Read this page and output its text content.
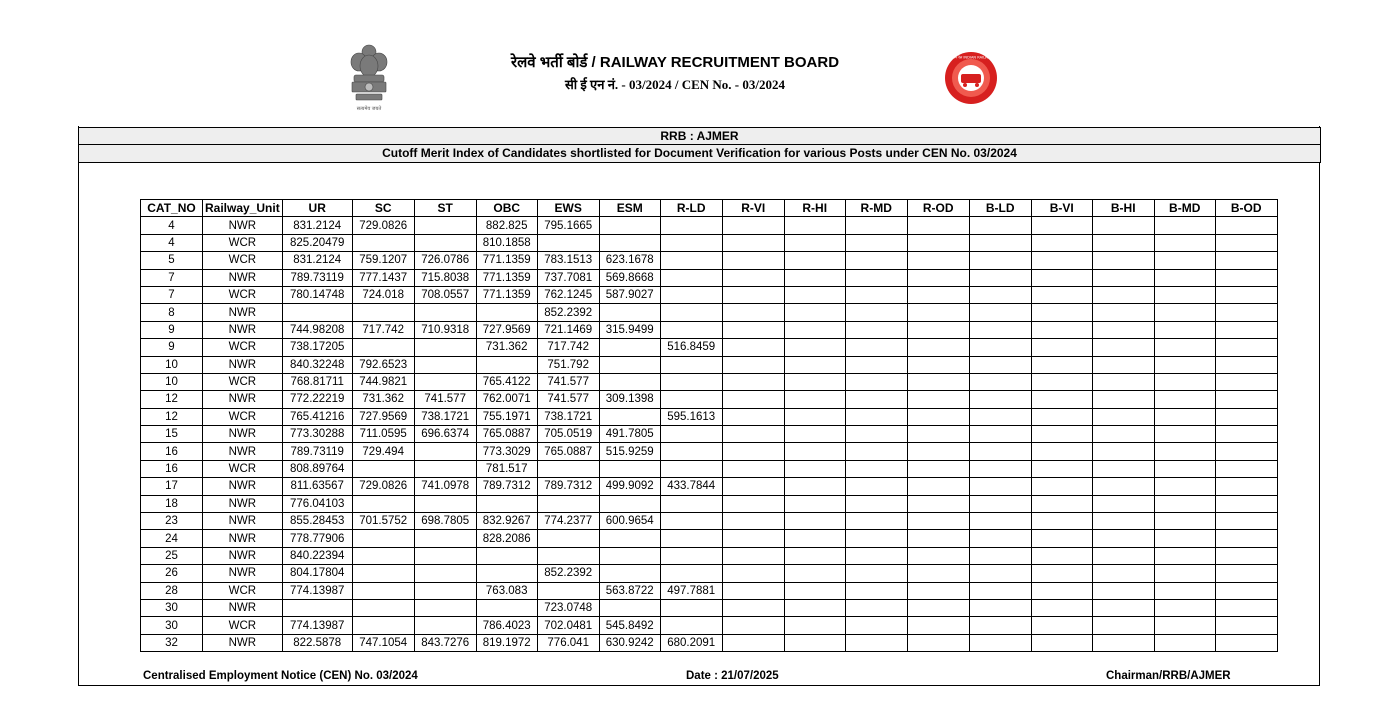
सत्यमेव जयते
रेलवे भर्ती बोर्ड / RAILWAY RECRUITMENT BOARD
सी ई एन नं. - 03/2024 / CEN No. - 03/2024
भारतीय रेल INDIAN RAILWAYS
RRB : AJMER
Cutoff Merit Index of Candidates shortlisted for Document Verification for various Posts under CEN No. 03/2024
CAT_NO	Railway_Unit	UR	SC	ST	OBC	EWS	ESM	R-LD	R-VI	R-HI	R-MD	R-OD	B-LD	B-VI	B-HI	B-MD	B-OD
4	NWR	831.2124	729.0826		882.825	795.1665											
4	WCR	825.20479			810.1858												
5	WCR	831.2124	759.1207	726.0786	771.1359	783.1513	623.1678										
7	NWR	789.73119	777.1437	715.8038	771.1359	737.7081	569.8668										
7	WCR	780.14748	724.018	708.0557	771.1359	762.1245	587.9027										
8	NWR					852.2392											
9	NWR	744.98208	717.742	710.9318	727.9569	721.1469	315.9499										
9	WCR	738.17205			731.362	717.742		516.8459									
10	NWR	840.32248	792.6523			751.792											
10	WCR	768.81711	744.9821		765.4122	741.577											
12	NWR	772.22219	731.362	741.577	762.0071	741.577	309.1398										
12	WCR	765.41216	727.9569	738.1721	755.1971	738.1721		595.1613									
15	NWR	773.30288	711.0595	696.6374	765.0887	705.0519	491.7805										
16	NWR	789.73119	729.494		773.3029	765.0887	515.9259										
16	WCR	808.89764			781.517												
17	NWR	811.63567	729.0826	741.0978	789.7312	789.7312	499.9092	433.7844									
18	NWR	776.04103															
23	NWR	855.28453	701.5752	698.7805	832.9267	774.2377	600.9654										
24	NWR	778.77906			828.2086												
25	NWR	840.22394															
26	NWR	804.17804				852.2392											
28	WCR	774.13987			763.083		563.8722	497.7881									
30	NWR					723.0748											
30	WCR	774.13987			786.4023	702.0481	545.8492										
32	NWR	822.5878	747.1054	843.7276	819.1972	776.041	630.9242	680.2091									
Centralised Employment Notice (CEN) No. 03/2024	Date : 21/07/2025	Chairman/RRB/AJMER
